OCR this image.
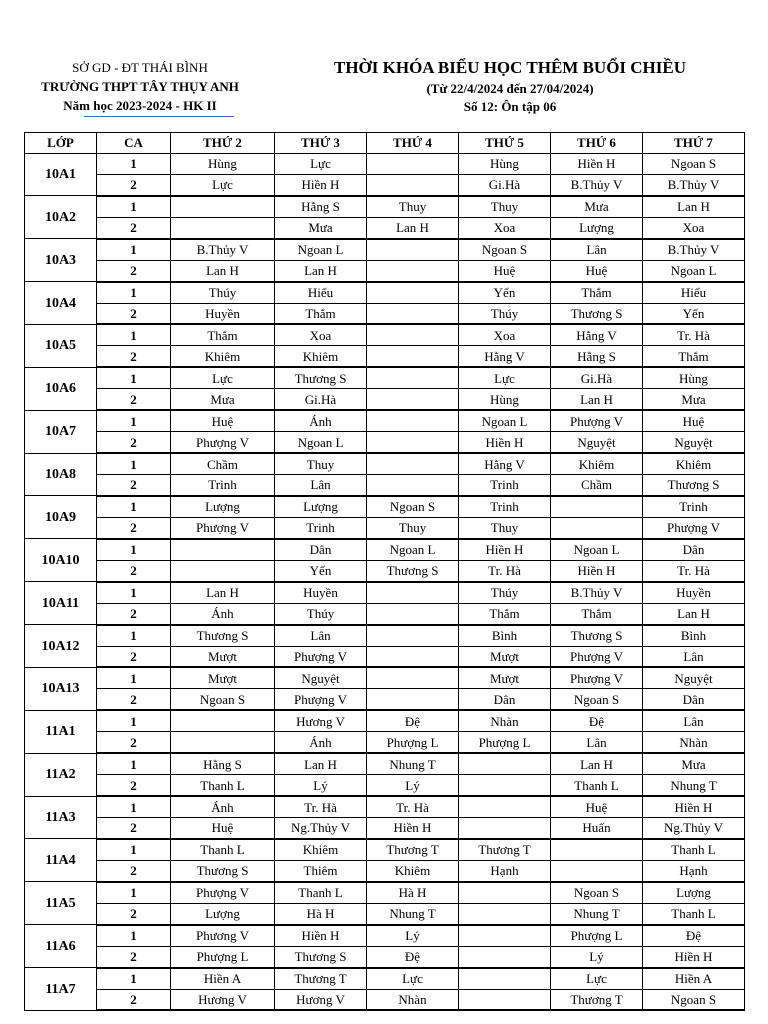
SỞ GD - ĐT THÁI BÌNH
TRƯỜNG THPT TÂY THỤY ANH
Năm học 2023-2024 - HK II
THỜI KHÓA BIỂU HỌC THÊM BUỔI CHIỀU
(Từ 22/4/2024 đến 27/04/2024)
Số 12: Ôn tập 06
LỚP	CA	THỨ 2	THỨ 3	THỨ 4	THỨ 5	THỨ 6	THỨ 7
10A1	1	Hùng	Lực		Hùng	Hiền H	Ngoan S
	2	Lực	Hiền H		Gi.Hà	B.Thủy V	B.Thủy V
10A2	1		Hằng S	Thuy	Thuy	Mưa	Lan H
	2		Mưa	Lan H	Xoa	Lượng	Xoa
10A3	1	B.Thủy V	Ngoan L		Ngoan S	Lân	B.Thủy V
	2	Lan H	Lan H		Huệ	Huệ	Ngoan L
10A4	1	Thúy	Hiếu		Yến	Thắm	Hiếu
	2	Huyền	Thắm		Thúy	Thương S	Yến
10A5	1	Thắm	Xoa		Xoa	Hằng V	Tr. Hà
	2	Khiêm	Khiêm		Hằng V	Hằng S	Thắm
10A6	1	Lực	Thương S		Lực	Gi.Hà	Hùng
	2	Mưa	Gi.Hà		Hùng	Lan H	Mưa
10A7	1	Huệ	Ánh		Ngoan L	Phượng V	Huệ
	2	Phượng V	Ngoan L		Hiền H	Nguyệt	Nguyệt
10A8	1	Chầm	Thuy		Hằng V	Khiêm	Khiêm
	2	Trinh	Lân		Trinh	Chầm	Thương S
10A9	1	Lượng	Lượng	Ngoan S	Trinh		Trinh
	2	Phượng V	Trinh	Thuy	Thuy		Phượng V
10A10	1		Dân	Ngoan L	Hiền H	Ngoan L	Dân
	2		Yến	Thương S	Tr. Hà	Hiền H	Tr. Hà
10A11	1	Lan H	Huyền		Thúy	B.Thủy V	Huyền
	2	Ánh	Thúy		Thắm	Thắm	Lan H
10A12	1	Thương S	Lân		Bình	Thương S	Bình
	2	Mượt	Phượng V		Mượt	Phượng V	Lân
10A13	1	Mượt	Nguyệt		Mượt	Phượng V	Nguyệt
	2	Ngoan S	Phượng V		Dân	Ngoan S	Dân
11A1	1		Hương V	Đệ	Nhàn	Đệ	Lân
	2		Ánh	Phượng L	Phượng L	Lân	Nhàn
11A2	1	Hằng S	Lan H	Nhung T		Lan H	Mưa
	2	Thanh L	Lý	Lý		Thanh L	Nhung T
11A3	1	Ánh	Tr. Hà	Tr. Hà		Huệ	Hiền H
	2	Huệ	Ng.Thủy V	Hiền H		Huấn	Ng.Thủy V
11A4	1	Thanh L	Khiêm	Thương T	Thương T		Thanh L
	2	Thương S	Thiêm	Khiêm	Hạnh		Hạnh
11A5	1	Phượng V	Thanh L	Hà H		Ngoan S	Lượng
	2	Lượng	Hà H	Nhung T		Nhung T	Thanh L
11A6	1	Phương V	Hiền H	Lý		Phượng L	Đệ
	2	Phượng L	Thương S	Đệ		Lý	Hiền H
11A7	1	Hiền A	Thương T	Lực		Lực	Hiền A
	2	Hương V	Hương V	Nhàn		Thương T	Ngoan S
